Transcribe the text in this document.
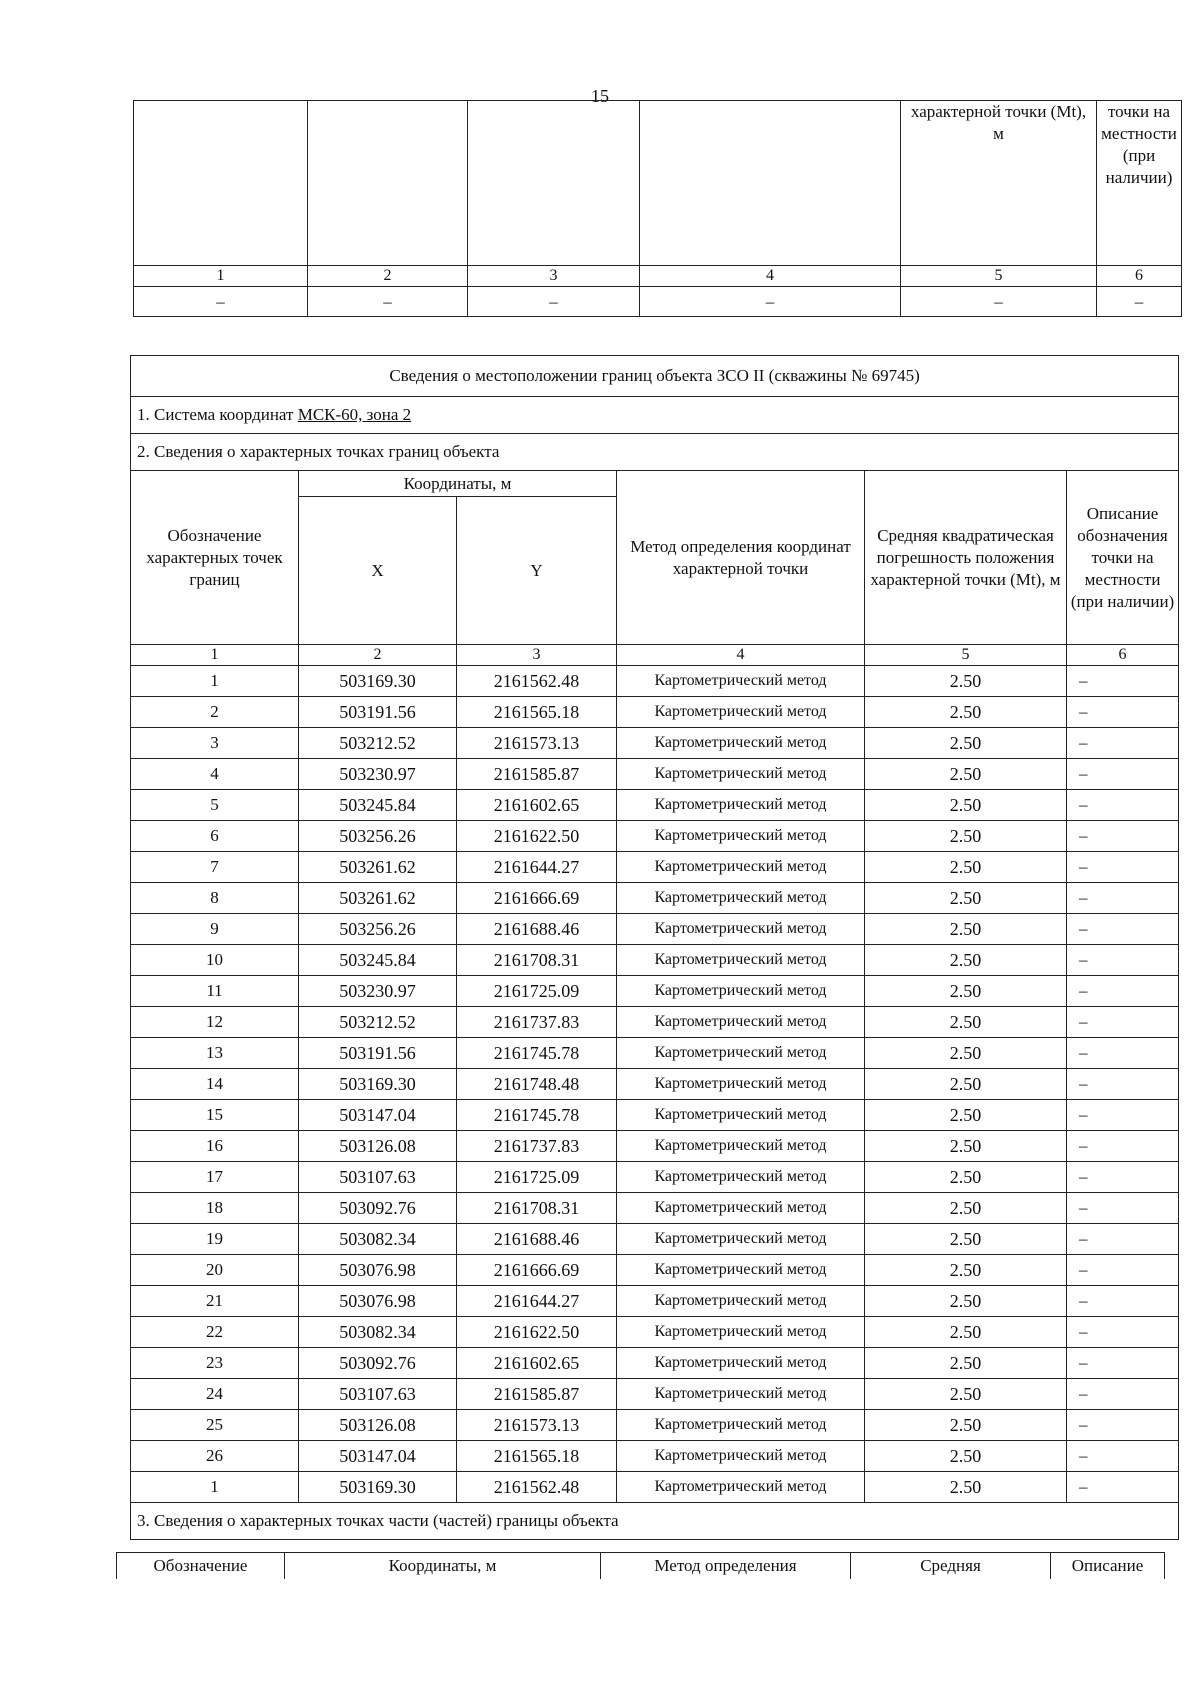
15
				характерной точки (Mt), м	точки на местности (при наличии)
1	2	3	4	5	6
–	–	–	–	–	–
Сведения о местоположении границ объекта ЗСО II (скважины № 69745)					
1. Система координат МСК-60, зона 2					
2. Сведения о характерных точках границ объекта					
Обозначение характерных точек границ	Координаты, м		Метод определения координат характерной точки	Средняя квадратическая погрешность положения характерной точки (Mt), м	Описание обозначения точки на местности (при наличии)
	X	Y			
1	2	3	4	5	6
1	503169.30	2161562.48	Картометрический метод	2.50	–
2	503191.56	2161565.18	Картометрический метод	2.50	–
3	503212.52	2161573.13	Картометрический метод	2.50	–
4	503230.97	2161585.87	Картометрический метод	2.50	–
5	503245.84	2161602.65	Картометрический метод	2.50	–
6	503256.26	2161622.50	Картометрический метод	2.50	–
7	503261.62	2161644.27	Картометрический метод	2.50	–
8	503261.62	2161666.69	Картометрический метод	2.50	–
9	503256.26	2161688.46	Картометрический метод	2.50	–
10	503245.84	2161708.31	Картометрический метод	2.50	–
11	503230.97	2161725.09	Картометрический метод	2.50	–
12	503212.52	2161737.83	Картометрический метод	2.50	–
13	503191.56	2161745.78	Картометрический метод	2.50	–
14	503169.30	2161748.48	Картометрический метод	2.50	–
15	503147.04	2161745.78	Картометрический метод	2.50	–
16	503126.08	2161737.83	Картометрический метод	2.50	–
17	503107.63	2161725.09	Картометрический метод	2.50	–
18	503092.76	2161708.31	Картометрический метод	2.50	–
19	503082.34	2161688.46	Картометрический метод	2.50	–
20	503076.98	2161666.69	Картометрический метод	2.50	–
21	503076.98	2161644.27	Картометрический метод	2.50	–
22	503082.34	2161622.50	Картометрический метод	2.50	–
23	503092.76	2161602.65	Картометрический метод	2.50	–
24	503107.63	2161585.87	Картометрический метод	2.50	–
25	503126.08	2161573.13	Картометрический метод	2.50	–
26	503147.04	2161565.18	Картометрический метод	2.50	–
1	503169.30	2161562.48	Картометрический метод	2.50	–
3. Сведения о характерных точках части (частей) границы объекта					
Обозначение	Координаты, м	Метод определения	Средняя	Описание
